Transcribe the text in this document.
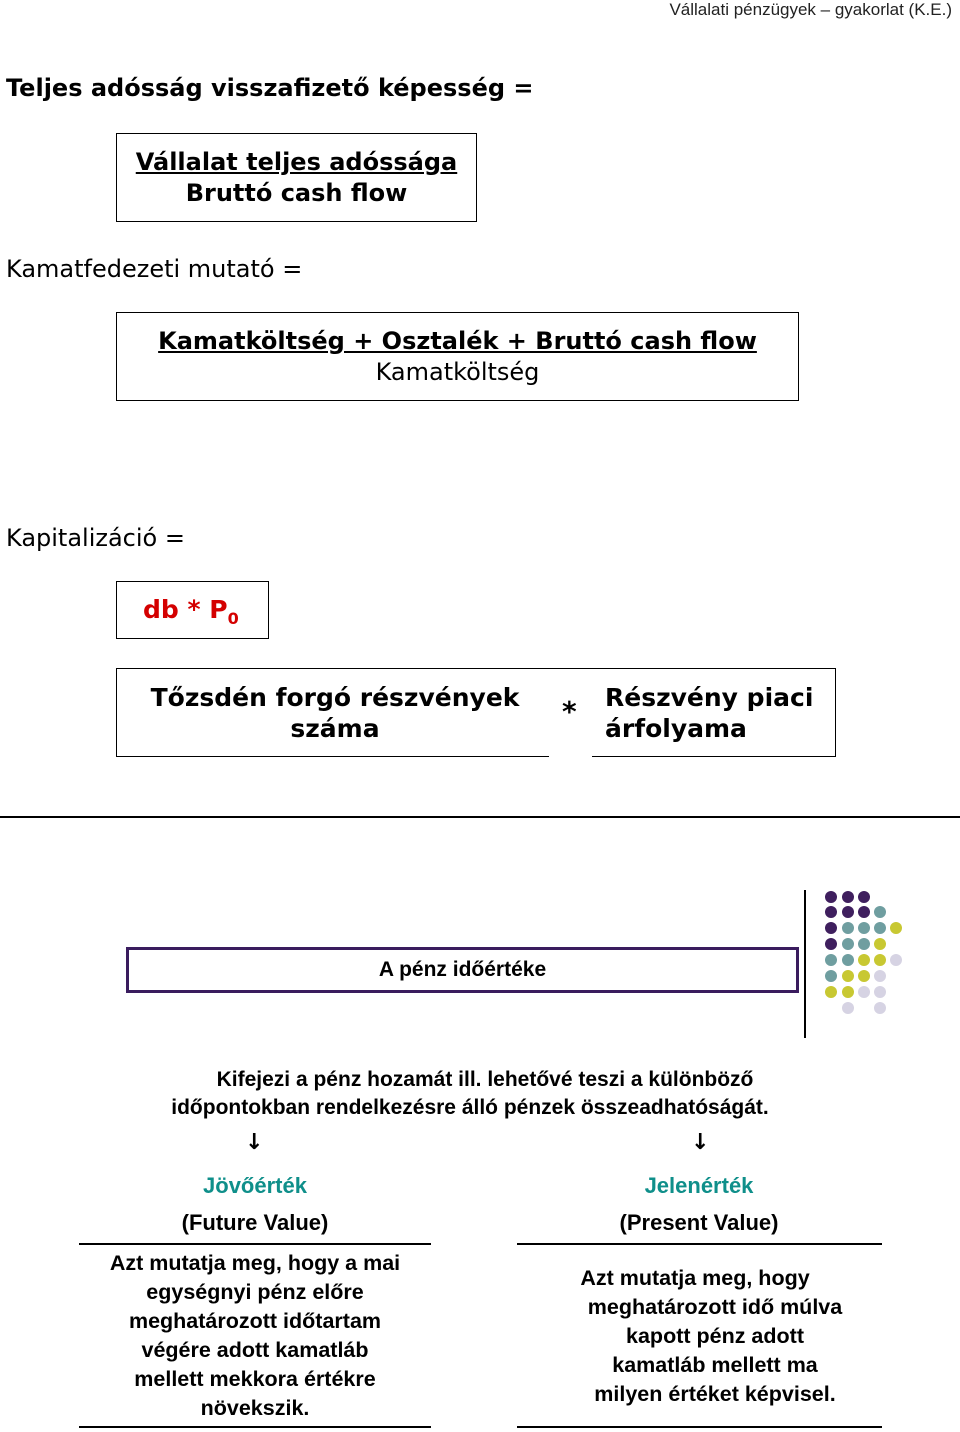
Vállalati pénzügyek – gyakorlat (K.E.)
Teljes adósság visszafizető képesség =
Vállalat teljes adóssága
Bruttó cash flow
Kamatfedezeti mutató =
Kamatköltség + Osztalék + Bruttó cash flow
Kamatköltség
Kapitalizáció =
db * $P_0$
Tőzsdén forgó részvények
száma
* Részvény piaci
árfolyama
A pénz időértéke
Kifejezi a pénz hozamát ill. lehetővé teszi a különböző
időpontokban rendelkezésre álló pénzek összeadhatóságát.
↓	↓
Jövőérték
(Future Value)
Azt mutatja meg, hogy a mai
egységnyi pénz előre
meghatározott időtartam
végére adott kamatláb
mellett mekkora értékre
növekszik.
Jelenérték
(Present Value)
Azt mutatja meg, hogy
meghatározott idő múlva
kapott pénz adott
kamatláb mellett ma
milyen értéket képvisel.
